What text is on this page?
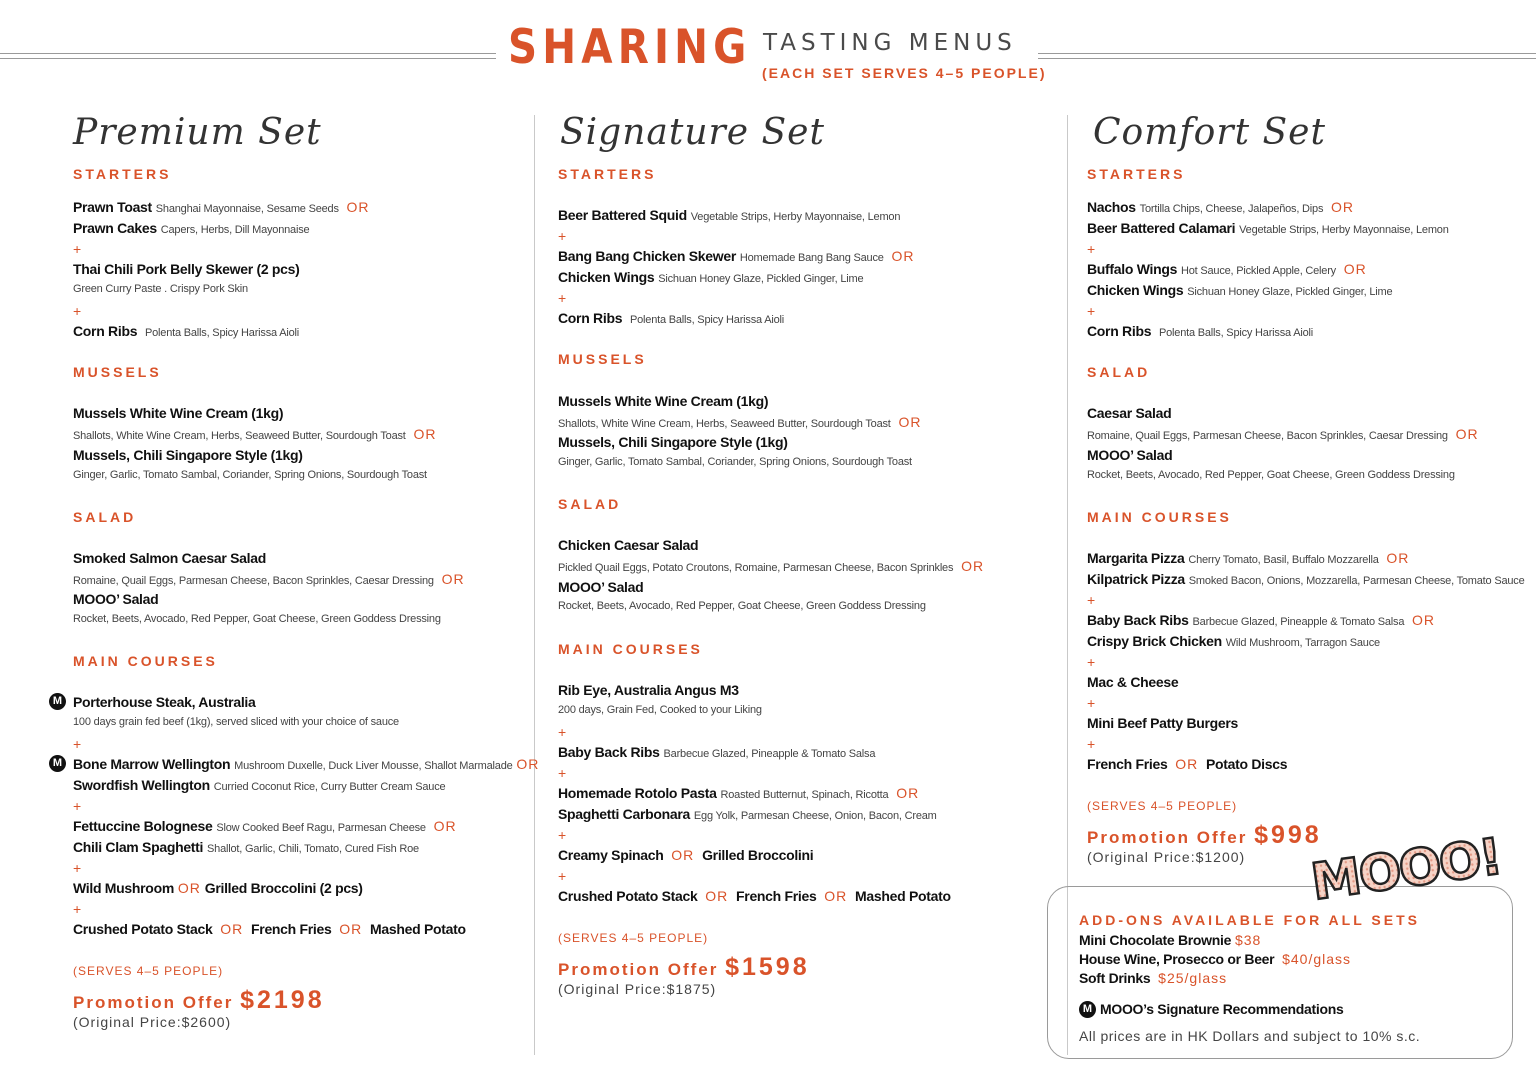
SHARING TASTING MENUS
(EACH SET SERVES 4–5 PEOPLE)
Premium Set
STARTERS
Prawn Toast Shanghai Mayonnaise, Sesame Seeds OR
Prawn Cakes Capers, Herbs, Dill Mayonnaise
+
Thai Chili Pork Belly Skewer (2 pcs)
Green Curry Paste . Crispy Pork Skin
+
Corn Ribs Polenta Balls, Spicy Harissa Aioli
MUSSELS
Mussels White Wine Cream (1kg)
Shallots, White Wine Cream, Herbs, Seaweed Butter, Sourdough Toast OR
Mussels, Chili Singapore Style (1kg)
Ginger, Garlic, Tomato Sambal, Coriander, Spring Onions, Sourdough Toast
SALAD
Smoked Salmon Caesar Salad
Romaine, Quail Eggs, Parmesan Cheese, Bacon Sprinkles, Caesar Dressing OR
MOOO’ Salad
Rocket, Beets, Avocado, Red Pepper, Goat Cheese, Green Goddess Dressing
MAIN COURSES
M Porterhouse Steak, Australia
100 days grain fed beef (1kg), served sliced with your choice of sauce
+
M Bone Marrow Wellington Mushroom Duxelle, Duck Liver Mousse, Shallot Marmalade OR
Swordfish Wellington Curried Coconut Rice, Curry Butter Cream Sauce
+
Fettuccine Bolognese Slow Cooked Beef Ragu, Parmesan Cheese OR
Chili Clam Spaghetti Shallot, Garlic, Chili, Tomato, Cured Fish Roe
+
Wild Mushroom OR Grilled Broccolini (2 pcs)
+
Crushed Potato Stack OR French Fries OR Mashed Potato
(SERVES 4–5 PEOPLE)
Promotion Offer $2198
(Original Price:$2600)
Signature Set
STARTERS
Beer Battered Squid Vegetable Strips, Herby Mayonnaise, Lemon
+
Bang Bang Chicken Skewer Homemade Bang Bang Sauce OR
Chicken Wings Sichuan Honey Glaze, Pickled Ginger, Lime
+
Corn Ribs Polenta Balls, Spicy Harissa Aioli
MUSSELS
Mussels White Wine Cream (1kg)
Shallots, White Wine Cream, Herbs, Seaweed Butter, Sourdough Toast OR
Mussels, Chili Singapore Style (1kg)
Ginger, Garlic, Tomato Sambal, Coriander, Spring Onions, Sourdough Toast
SALAD
Chicken Caesar Salad
Pickled Quail Eggs, Potato Croutons, Romaine, Parmesan Cheese, Bacon Sprinkles OR
MOOO’ Salad
Rocket, Beets, Avocado, Red Pepper, Goat Cheese, Green Goddess Dressing
MAIN COURSES
Rib Eye, Australia Angus M3
200 days, Grain Fed, Cooked to your Liking
+
Baby Back Ribs Barbecue Glazed, Pineapple & Tomato Salsa
+
Homemade Rotolo Pasta Roasted Butternut, Spinach, Ricotta OR
Spaghetti Carbonara Egg Yolk, Parmesan Cheese, Onion, Bacon, Cream
+
Creamy Spinach OR Grilled Broccolini
+
Crushed Potato Stack OR French Fries OR Mashed Potato
(SERVES 4–5 PEOPLE)
Promotion Offer $1598
(Original Price:$1875)
Comfort Set
STARTERS
Nachos Tortilla Chips, Cheese, Jalapeños, Dips OR
Beer Battered Calamari Vegetable Strips, Herby Mayonnaise, Lemon
+
Buffalo Wings Hot Sauce, Pickled Apple, Celery OR
Chicken Wings Sichuan Honey Glaze, Pickled Ginger, Lime
+
Corn Ribs Polenta Balls, Spicy Harissa Aioli
SALAD
Caesar Salad
Romaine, Quail Eggs, Parmesan Cheese, Bacon Sprinkles, Caesar Dressing OR
MOOO’ Salad
Rocket, Beets, Avocado, Red Pepper, Goat Cheese, Green Goddess Dressing
MAIN COURSES
Margarita Pizza Cherry Tomato, Basil, Buffalo Mozzarella OR
Kilpatrick Pizza Smoked Bacon, Onions, Mozzarella, Parmesan Cheese, Tomato Sauce
+
Baby Back Ribs Barbecue Glazed, Pineapple & Tomato Salsa OR
Crispy Brick Chicken Wild Mushroom, Tarragon Sauce
+
Mac & Cheese
+
Mini Beef Patty Burgers
+
French Fries OR Potato Discs
(SERVES 4–5 PEOPLE)
Promotion Offer $998
(Original Price:$1200)
ADD-ONS AVAILABLE FOR ALL SETS
Mini Chocolate Brownie $38
House Wine, Prosecco or Beer $40/glass
Soft Drinks $25/glass
M MOOO’s Signature Recommendations
All prices are in HK Dollars and subject to 10% s.c.
MOOO!
